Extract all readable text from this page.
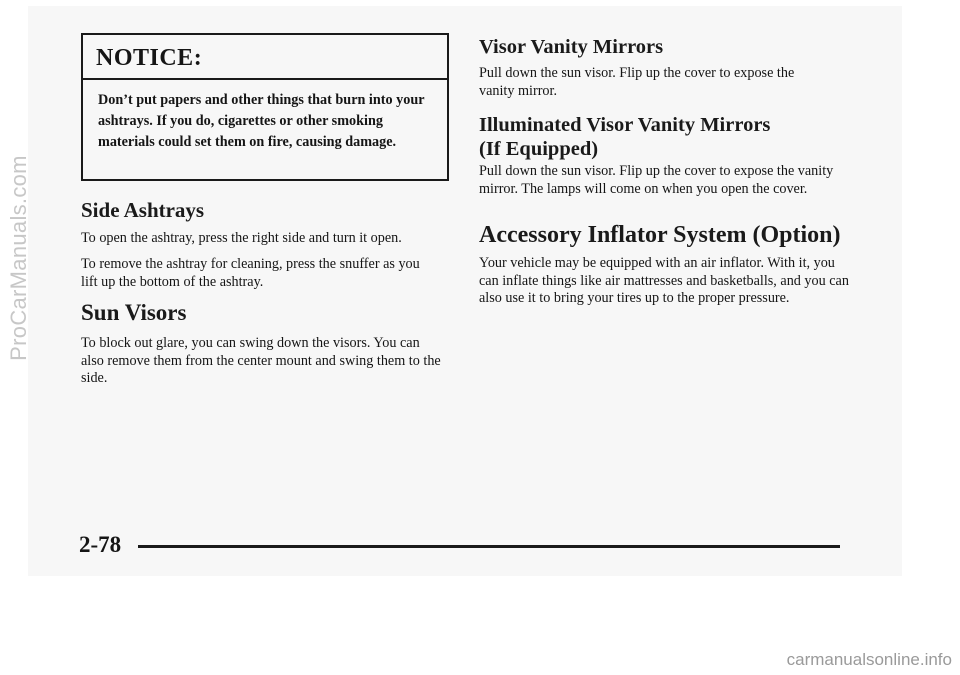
NOTICE:
Don’t put papers and other things that burn into your ashtrays. If you do, cigarettes or other smoking materials could set them on fire, causing damage.
Side Ashtrays

To open the ashtray, press the right side and turn it open.

To remove the ashtray for cleaning, press the snuffer as you lift up the bottom of the ashtray.

Sun Visors

To block out glare, you can swing down the visors. You can also remove them from the center mount and swing them to the side.

Visor Vanity Mirrors

Pull down the sun visor. Flip up the cover to expose the vanity mirror.

Illuminated Visor Vanity Mirrors
(If Equipped)

Pull down the sun visor. Flip up the cover to expose the vanity mirror. The lamps will come on when you open the cover.

Accessory Inflator System (Option)

Your vehicle may be equipped with an air inflator. With it, you can inflate things like air mattresses and basketballs, and you can also use it to bring your tires up to the proper pressure.

2-78
ProCarManuals.com
carmanualsonline.info
